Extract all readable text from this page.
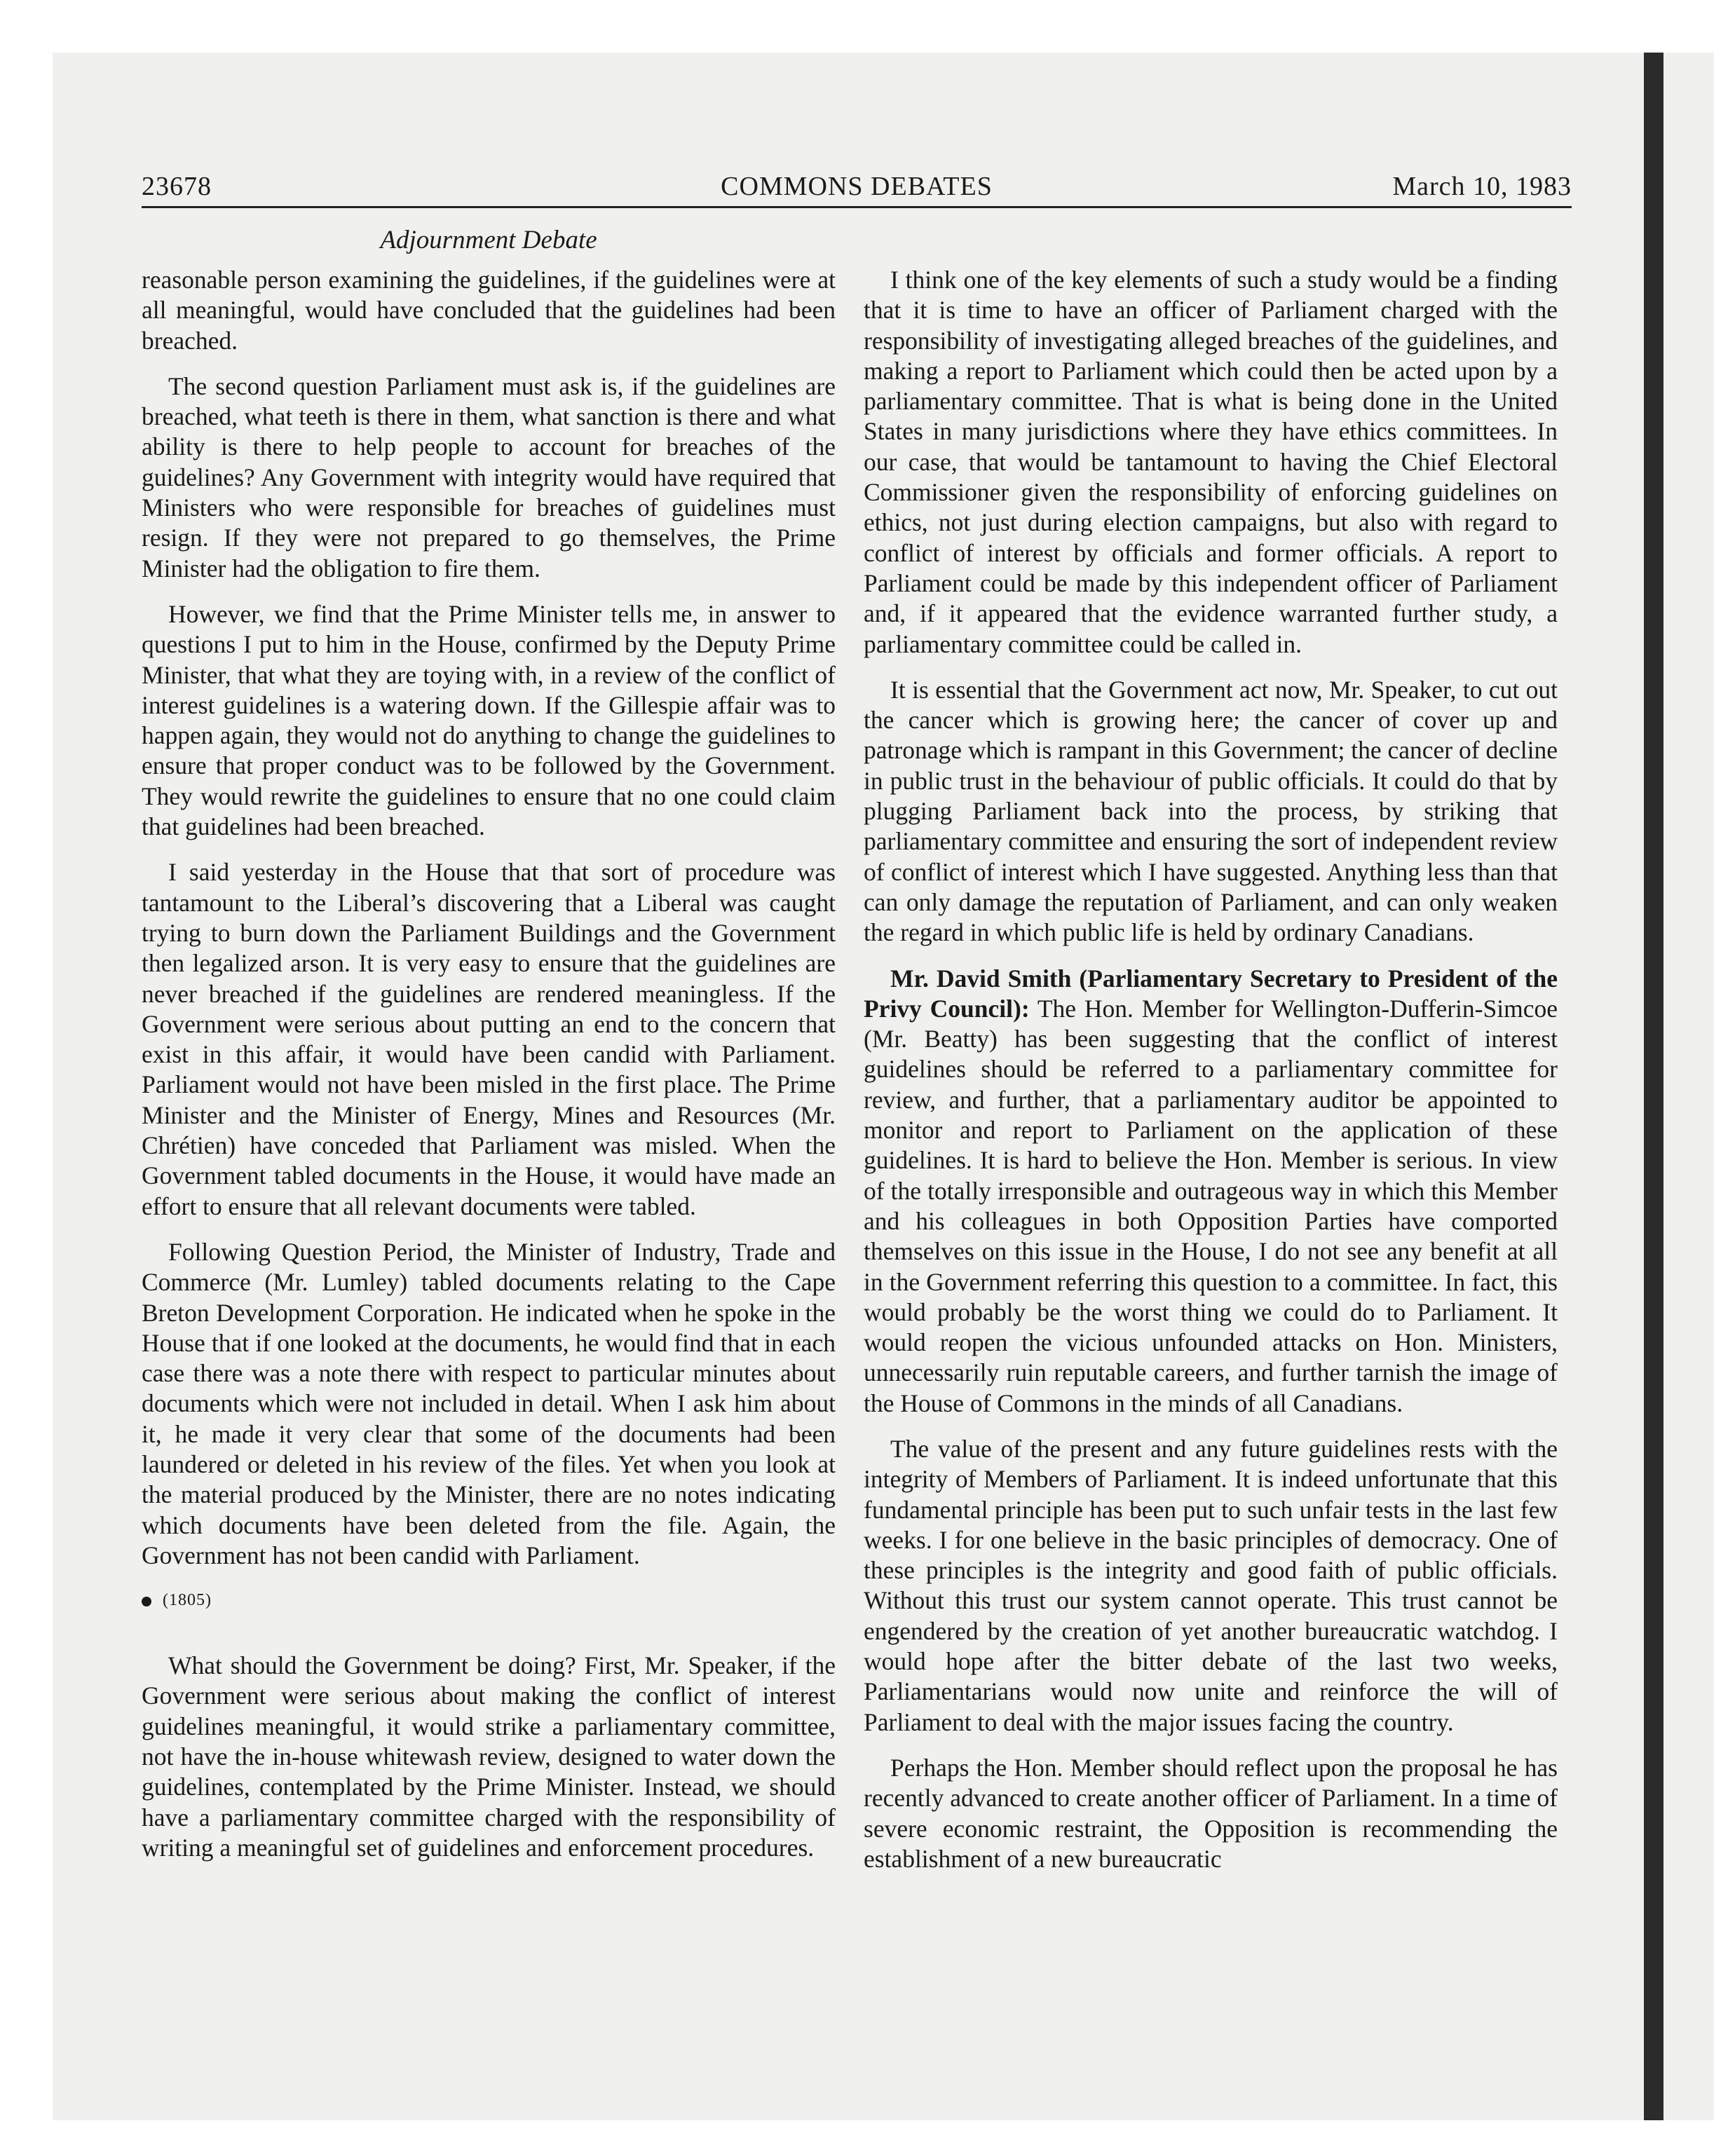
COMMONS DEBATES
23678	March 10, 1983
Adjournment Debate

reasonable person examining the guidelines, if the guidelines were at all meaningful, would have concluded that the guidelines had been breached.

The second question Parliament must ask is, if the guidelines are breached, what teeth is there in them, what sanction is there and what ability is there to help people to account for breaches of the guidelines? Any Government with integrity would have required that Ministers who were responsible for breaches of guidelines must resign. If they were not prepared to go themselves, the Prime Minister had the obligation to fire them.

However, we find that the Prime Minister tells me, in answer to questions I put to him in the House, confirmed by the Deputy Prime Minister, that what they are toying with, in a review of the conflict of interest guidelines is a watering down. If the Gillespie affair was to happen again, they would not do anything to change the guidelines to ensure that proper conduct was to be followed by the Government. They would rewrite the guidelines to ensure that no one could claim that guidelines had been breached.

I said yesterday in the House that that sort of procedure was tantamount to the Liberal’s discovering that a Liberal was caught trying to burn down the Parliament Buildings and the Government then legalized arson. It is very easy to ensure that the guidelines are never breached if the guidelines are rendered meaningless. If the Government were serious about putting an end to the concern that exist in this affair, it would have been candid with Parliament. Parliament would not have been misled in the first place. The Prime Minister and the Minister of Energy, Mines and Resources (Mr. Chrétien) have conceded that Parliament was misled. When the Government tabled documents in the House, it would have made an effort to ensure that all relevant documents were tabled.

Following Question Period, the Minister of Industry, Trade and Commerce (Mr. Lumley) tabled documents relating to the Cape Breton Development Corporation. He indicated when he spoke in the House that if one looked at the documents, he would find that in each case there was a note there with respect to particular minutes about documents which were not included in detail. When I ask him about it, he made it very clear that some of the documents had been laundered or deleted in his review of the files. Yet when you look at the material produced by the Minister, there are no notes indicating which documents have been deleted from the file. Again, the Government has not been candid with Parliament.

(1805)

What should the Government be doing? First, Mr. Speaker, if the Government were serious about making the conflict of interest guidelines meaningful, it would strike a parliamentary committee, not have the in-house whitewash review, designed to water down the guidelines, contemplated by the Prime Minister. Instead, we should have a parliamentary committee charged with the responsibility of writing a meaningful set of guidelines and enforcement procedures.

I think one of the key elements of such a study would be a finding that it is time to have an officer of Parliament charged with the responsibility of investigating alleged breaches of the guidelines, and making a report to Parliament which could then be acted upon by a parliamentary committee. That is what is being done in the United States in many jurisdictions where they have ethics committees. In our case, that would be tantamount to having the Chief Electoral Commissioner given the responsibility of enforcing guidelines on ethics, not just during election campaigns, but also with regard to conflict of interest by officials and former officials. A report to Parliament could be made by this independent officer of Parliament and, if it appeared that the evidence warranted further study, a parliamentary committee could be called in.

It is essential that the Government act now, Mr. Speaker, to cut out the cancer which is growing here; the cancer of cover up and patronage which is rampant in this Government; the cancer of decline in public trust in the behaviour of public officials. It could do that by plugging Parliament back into the process, by striking that parliamentary committee and ensuring the sort of independent review of conflict of interest which I have suggested. Anything less than that can only damage the reputation of Parliament, and can only weaken the regard in which public life is held by ordinary Canadians.

Mr. David Smith (Parliamentary Secretary to President of the Privy Council): The Hon. Member for Wellington-Dufferin-Simcoe (Mr. Beatty) has been suggesting that the conflict of interest guidelines should be referred to a parliamentary committee for review, and further, that a parliamentary auditor be appointed to monitor and report to Parliament on the application of these guidelines. It is hard to believe the Hon. Member is serious. In view of the totally irresponsible and outrageous way in which this Member and his colleagues in both Opposition Parties have comported themselves on this issue in the House, I do not see any benefit at all in the Government referring this question to a committee. In fact, this would probably be the worst thing we could do to Parliament. It would reopen the vicious unfounded attacks on Hon. Ministers, unnecessarily ruin reputable careers, and further tarnish the image of the House of Commons in the minds of all Canadians.

The value of the present and any future guidelines rests with the integrity of Members of Parliament. It is indeed unfortunate that this fundamental principle has been put to such unfair tests in the last few weeks. I for one believe in the basic principles of democracy. One of these principles is the integrity and good faith of public officials. Without this trust our system cannot operate. This trust cannot be engendered by the creation of yet another bureaucratic watchdog. I would hope after the bitter debate of the last two weeks, Parliamentarians would now unite and reinforce the will of Parliament to deal with the major issues facing the country.

Perhaps the Hon. Member should reflect upon the proposal he has recently advanced to create another officer of Parliament. In a time of severe economic restraint, the Opposition is recommending the establishment of a new bureaucratic
